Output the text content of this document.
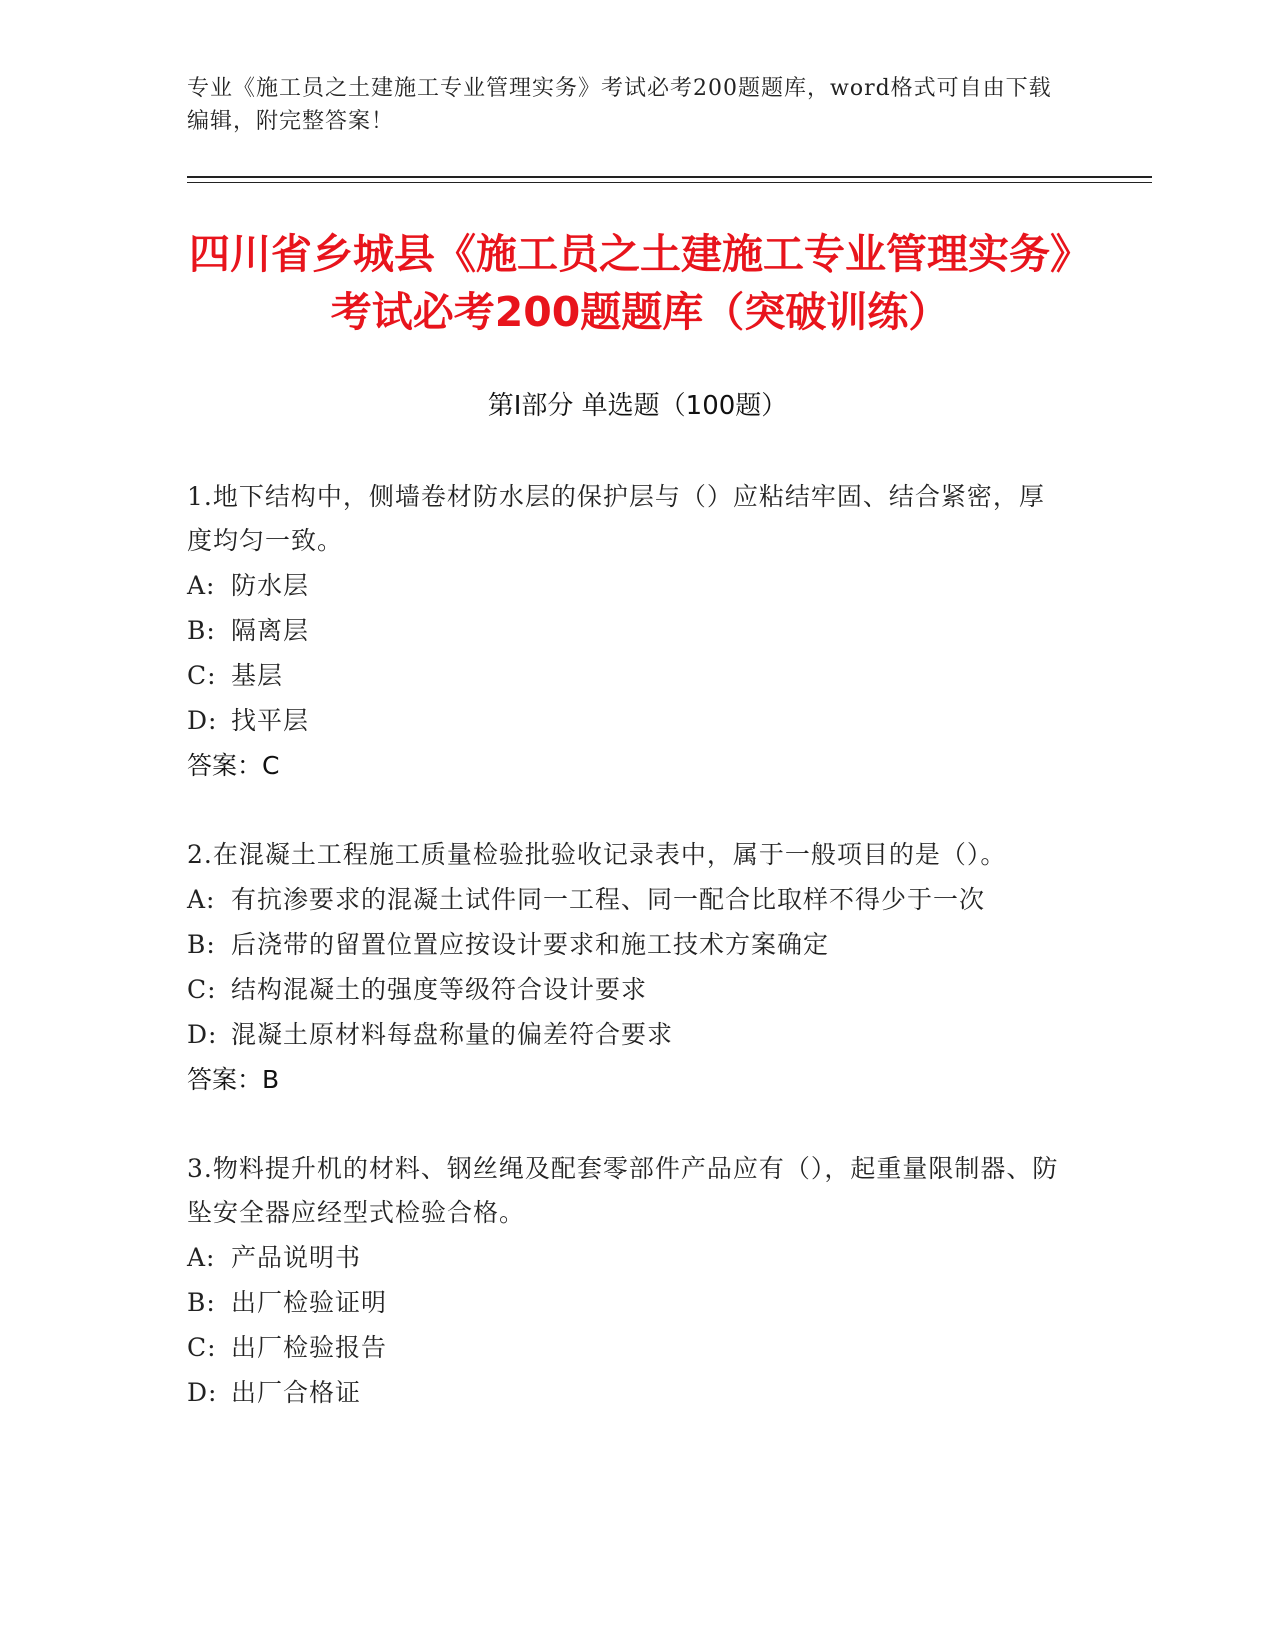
专业《施工员之土建施工专业管理实务》考试必考200题题库，word格式可自由下载编辑，附完整答案！
四川省乡城县《施工员之土建施工专业管理实务》考试必考200题题库（突破训练）
第Ⅰ部分 单选题（100题）
1.地下结构中，侧墙卷材防水层的保护层与（）应粘结牢固、结合紧密，厚度均匀一致。
A: 防水层
B: 隔离层
C: 基层
D: 找平层
答案：C
2.在混凝土工程施工质量检验批验收记录表中，属于一般项目的是（）。
A: 有抗渗要求的混凝土试件同一工程、同一配合比取样不得少于一次
B: 后浇带的留置位置应按设计要求和施工技术方案确定
C: 结构混凝土的强度等级符合设计要求
D: 混凝土原材料每盘称量的偏差符合要求
答案：B
3.物料提升机的材料、钢丝绳及配套零部件产品应有（），起重量限制器、防坠安全器应经型式检验合格。
A: 产品说明书
B: 出厂检验证明
C: 出厂检验报告
D: 出厂合格证
